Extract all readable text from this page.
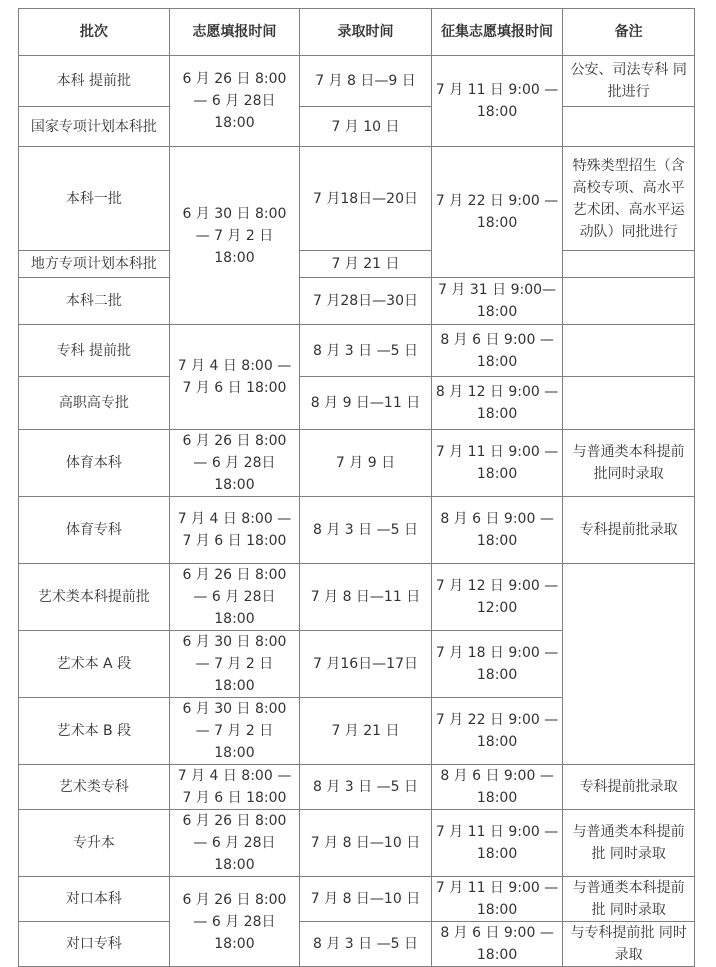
批次	志愿填报时间	录取时间	征集志愿填报时间	备注
本科 提前批	6 月 26 日 8:00 — 6 月 28日18:00	7 月 8 日—9 日	7 月 11 日 9:00 — 18:00	公安、司法专科 同批进行
国家专项计划本科批		7 月 10 日		
本科一批	6 月 30 日 8:00 — 7 月 2 日 18:00	7 月18日—20日	7 月 22 日 9:00 — 18:00	特殊类型招生（含高校专项、高水平艺术团、高水平运动队）同批进行
地方专项计划本科批		7 月 21 日		
本科二批		7 月28日—30日	7 月 31 日 9:00—18:00	
专科 提前批	7 月 4 日 8:00 — 7 月 6 日 18:00	8 月 3 日 —5 日	8 月 6 日 9:00 — 18:00	
高职高专批		8 月 9 日—11 日	8 月 12 日 9:00 — 18:00	
体育本科	6 月 26 日 8:00 — 6 月 28日18:00	7 月 9 日	7 月 11 日 9:00 — 18:00	与普通类本科提前批同时录取
体育专科	7 月 4 日 8:00 — 7 月 6 日 18:00	8 月 3 日 —5 日	8 月 6 日 9:00 — 18:00	专科提前批录取
艺术类本科提前批	6 月 26 日 8:00 — 6 月 28日18:00	7 月 8 日—11 日	7 月 12 日 9:00 — 12:00	
艺术本 A 段	6 月 30 日 8:00 — 7 月 2 日 18:00	7 月16日—17日	7 月 18 日 9:00 — 18:00	
艺术本 B 段	6 月 30 日 8:00 — 7 月 2 日 18:00	7 月 21 日	7 月 22 日 9:00 — 18:00	
艺术类专科	7 月 4 日 8:00 — 7 月 6 日 18:00	8 月 3 日 —5 日	8 月 6 日 9:00 — 18:00	专科提前批录取
专升本	6 月 26 日 8:00 — 6 月 28日18:00	7 月 8 日—10 日	7 月 11 日 9:00 — 18:00	与普通类本科提前批 同时录取
对口本科	6 月 26 日 8:00 — 6 月 28日18:00	7 月 8 日—10 日	7 月 11 日 9:00 — 18:00	与普通类本科提前批 同时录取
对口专科		8 月 3 日 —5 日	8 月 6 日 9:00 — 18:00	与专科提前批 同时录取
